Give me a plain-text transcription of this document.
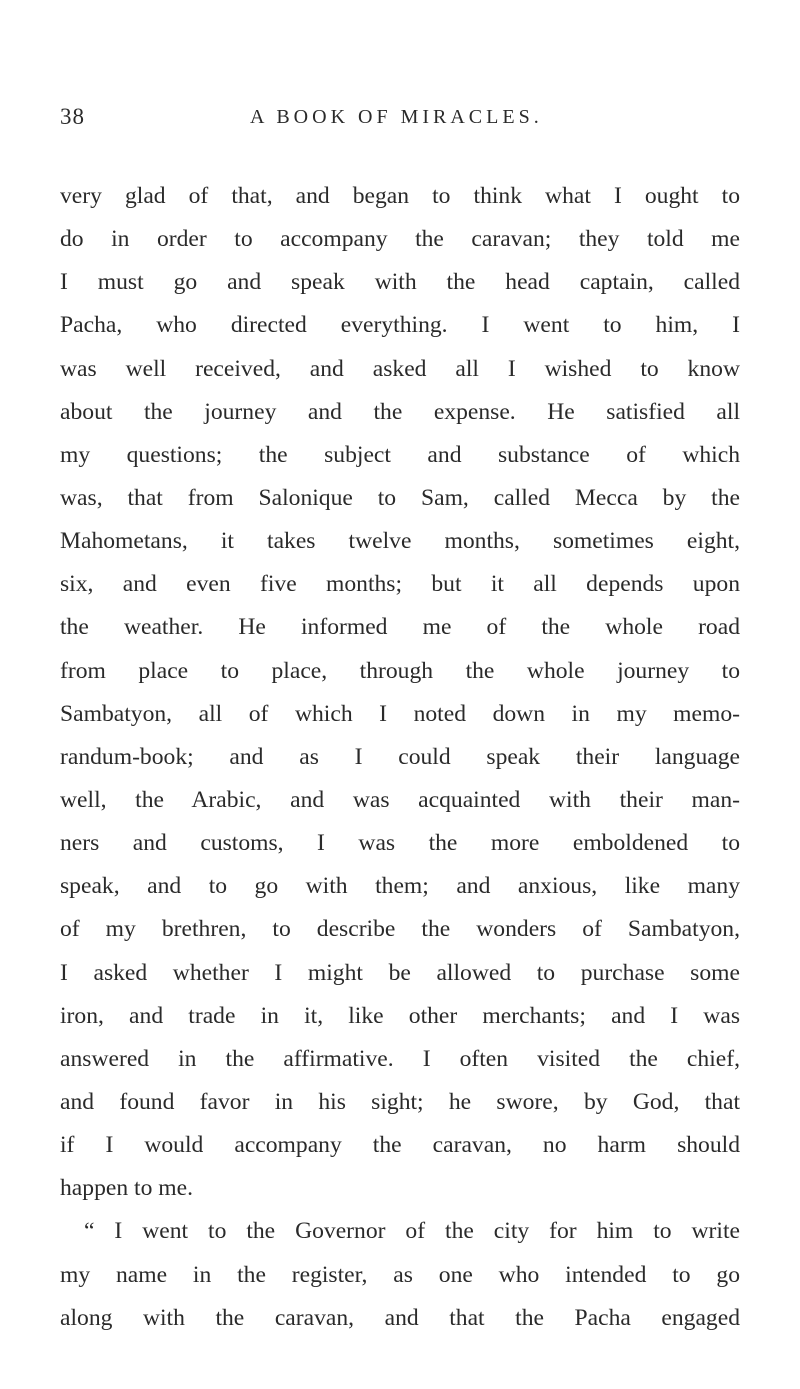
38	A BOOK OF MIRACLES.
very glad of that, and began to think what I ought to
do in order to accompany the caravan; they told me
I must go and speak with the head captain, called
Pacha, who directed everything. I went to him, I
was well received, and asked all I wished to know
about the journey and the expense. He satisfied all
my questions; the subject and substance of which
was, that from Salonique to Sam, called Mecca by the
Mahometans, it takes twelve months, sometimes eight,
six, and even five months; but it all depends upon
the weather. He informed me of the whole road
from place to place, through the whole journey to
Sambatyon, all of which I noted down in my memo-
randum-book; and as I could speak their language
well, the Arabic, and was acquainted with their man-
ners and customs, I was the more emboldened to
speak, and to go with them; and anxious, like many
of my brethren, to describe the wonders of Sambatyon,
I asked whether I might be allowed to purchase some
iron, and trade in it, like other merchants; and I was
answered in the affirmative. I often visited the chief,
and found favor in his sight; he swore, by God, that
if I would accompany the caravan, no harm should
happen to me.
“ I went to the Governor of the city for him to write
my name in the register, as one who intended to go
along with the caravan, and that the Pacha engaged
